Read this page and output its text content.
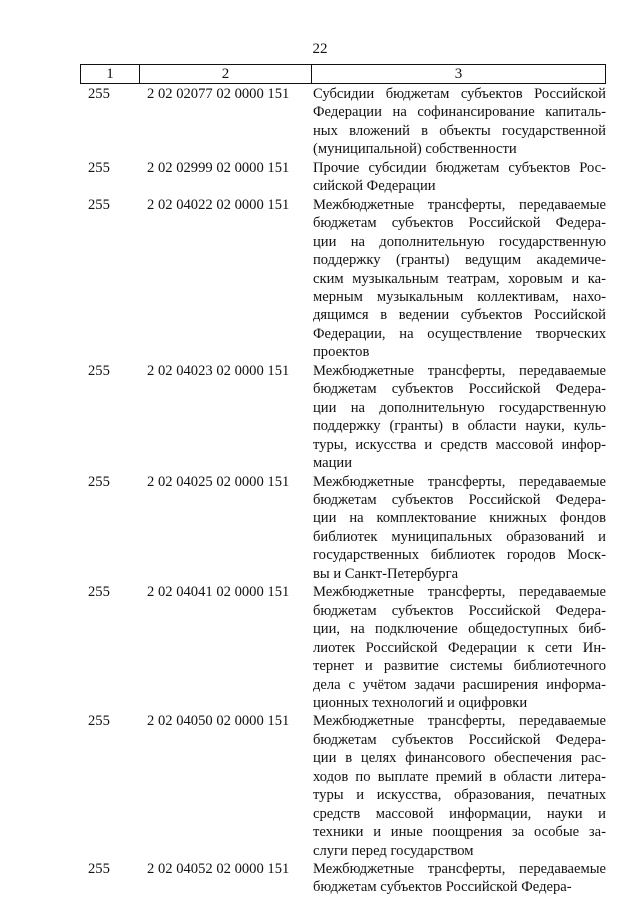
22
1	2	3
255	2 02 02077 02 0000 151	Субсидии бюджетам субъектов Российской
Федерации на софинансирование капиталь-
ных вложений в объекты государственной
(муниципальной) собственности
255	2 02 02999 02 0000 151	Прочие субсидии бюджетам субъектов Рос-
сийской Федерации
255	2 02 04022 02 0000 151	Межбюджетные трансферты, передаваемые
бюджетам субъектов Российской Федера-
ции на дополнительную государственную
поддержку (гранты) ведущим академиче-
ским музыкальным театрам, хоровым и ка-
мерным музыкальным коллективам, нахо-
дящимся в ведении субъектов Российской
Федерации, на осуществление творческих
проектов
255	2 02 04023 02 0000 151	Межбюджетные трансферты, передаваемые
бюджетам субъектов Российской Федера-
ции на дополнительную государственную
поддержку (гранты) в области науки, куль-
туры, искусства и средств массовой инфор-
мации
255	2 02 04025 02 0000 151	Межбюджетные трансферты, передаваемые
бюджетам субъектов Российской Федера-
ции на комплектование книжных фондов
библиотек муниципальных образований и
государственных библиотек городов Моск-
вы и Санкт-Петербурга
255	2 02 04041 02 0000 151	Межбюджетные трансферты, передаваемые
бюджетам субъектов Российской Федера-
ции, на подключение общедоступных биб-
лиотек Российской Федерации к сети Ин-
тернет и развитие системы библиотечного
дела с учётом задачи расширения информа-
ционных технологий и оцифровки
255	2 02 04050 02 0000 151	Межбюджетные трансферты, передаваемые
бюджетам субъектов Российской Федера-
ции в целях финансового обеспечения рас-
ходов по выплате премий в области литера-
туры и искусства, образования, печатных
средств массовой информации, науки и
техники и иные поощрения за особые за-
слуги перед государством
255	2 02 04052 02 0000 151	Межбюджетные трансферты, передаваемые
бюджетам субъектов Российской Федера-
